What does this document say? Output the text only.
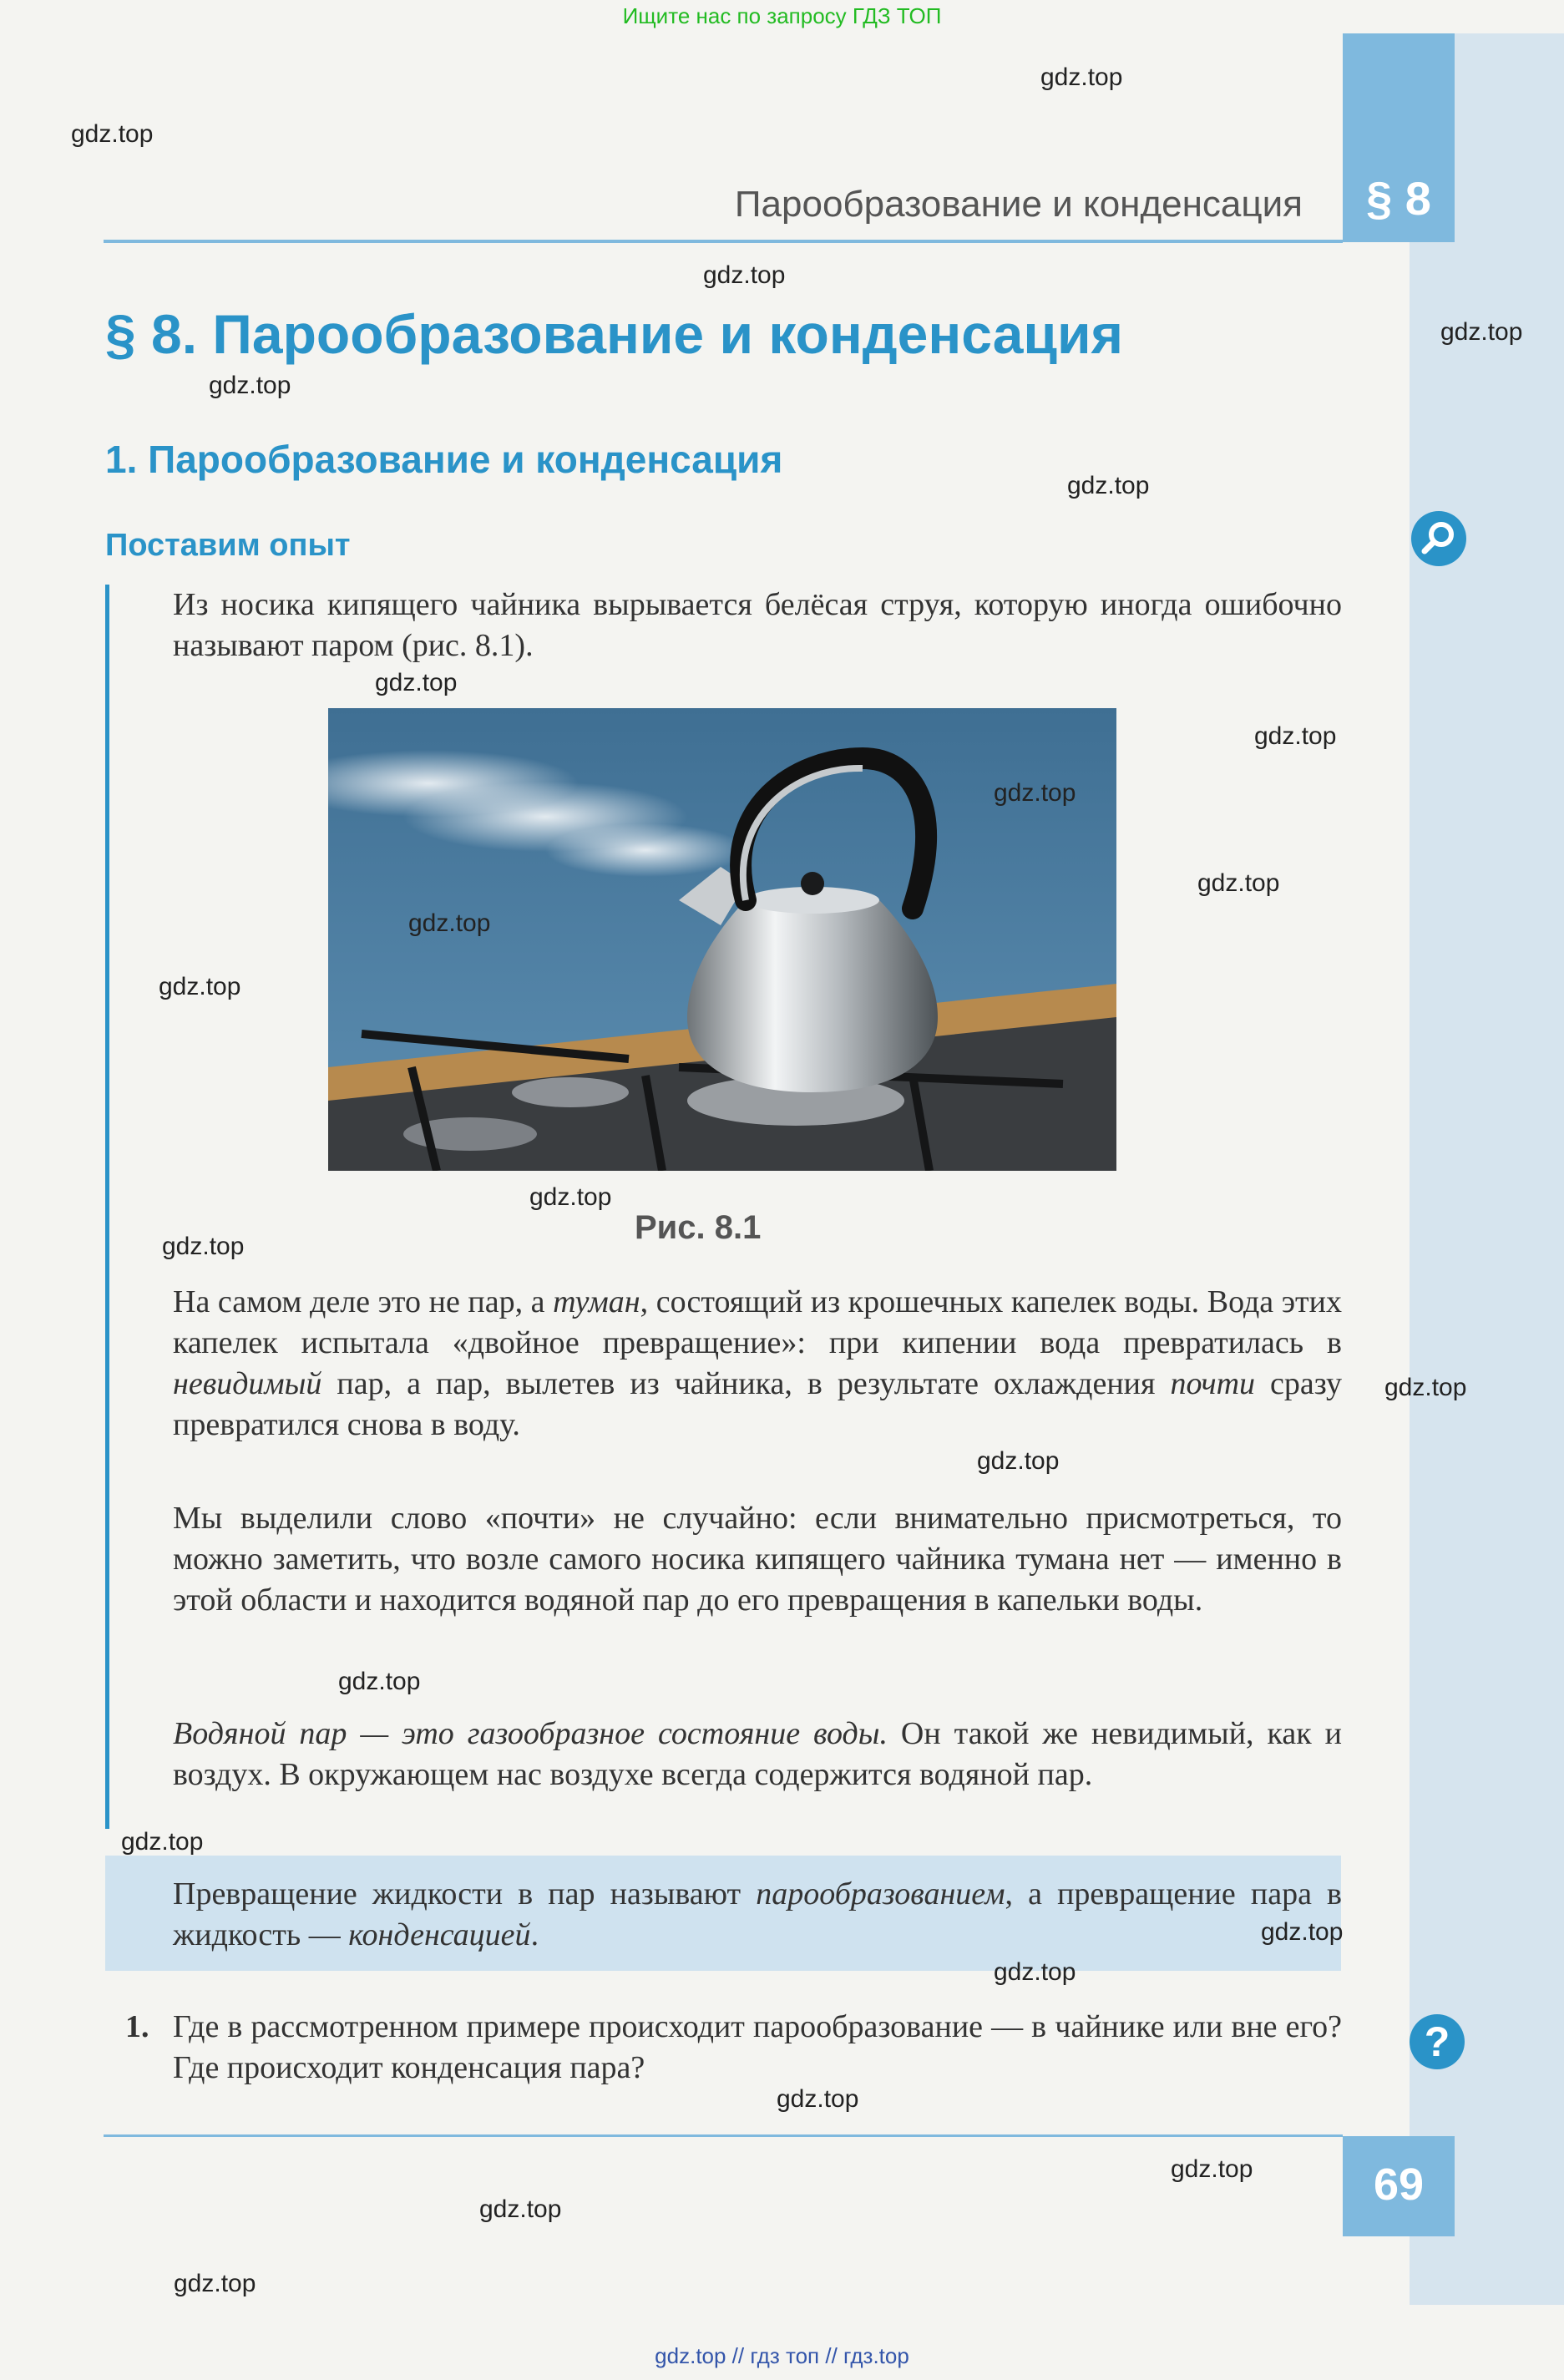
Ищите нас по запросу ГДЗ ТОП
§ 8
Парообразование и конденсация
§ 8. Парообразование и конденсация
1. Парообразование и конденсация
Поставим опыт
Из носика кипящего чайника вырывается белёсая струя, которую иногда ошибочно называют паром (рис. 8.1).
Рис. 8.1
На самом деле это не пар, а туман, состоящий из крошечных капелек воды. Вода этих капелек испытала «двойное превращение»: при кипении вода превратилась в невидимый пар, а пар, вылетев из чайника, в результате охлаждения почти сразу превратился снова в воду.
Мы выделили слово «почти» не случайно: если внимательно присмотреться, то можно заметить, что возле самого носика кипящего чайника тумана нет — именно в этой области и находится водяной пар до его превращения в капельки воды.
Водяной пар — это газообразное состояние воды. Он такой же невидимый, как и воздух. В окружающем нас воздухе всегда содержится водяной пар.
Превращение жидкости в пар называют парообразованием, а превращение пара в жидкость — конденсацией.
1. Где в рассмотренном примере происходит парообразование — в чайнике или вне его? Где происходит конденсация пара?
69
?
gdz.top
gdz.top
gdz.top
gdz.top
gdz.top
gdz.top
gdz.top
gdz.top
gdz.top
gdz.top
gdz.top
gdz.top
gdz.top
gdz.top
gdz.top
gdz.top
gdz.top
gdz.top
gdz.top
gdz.top
gdz.top
gdz.top
gdz.top
gdz.top
gdz.top // гдз топ // гдз.top
